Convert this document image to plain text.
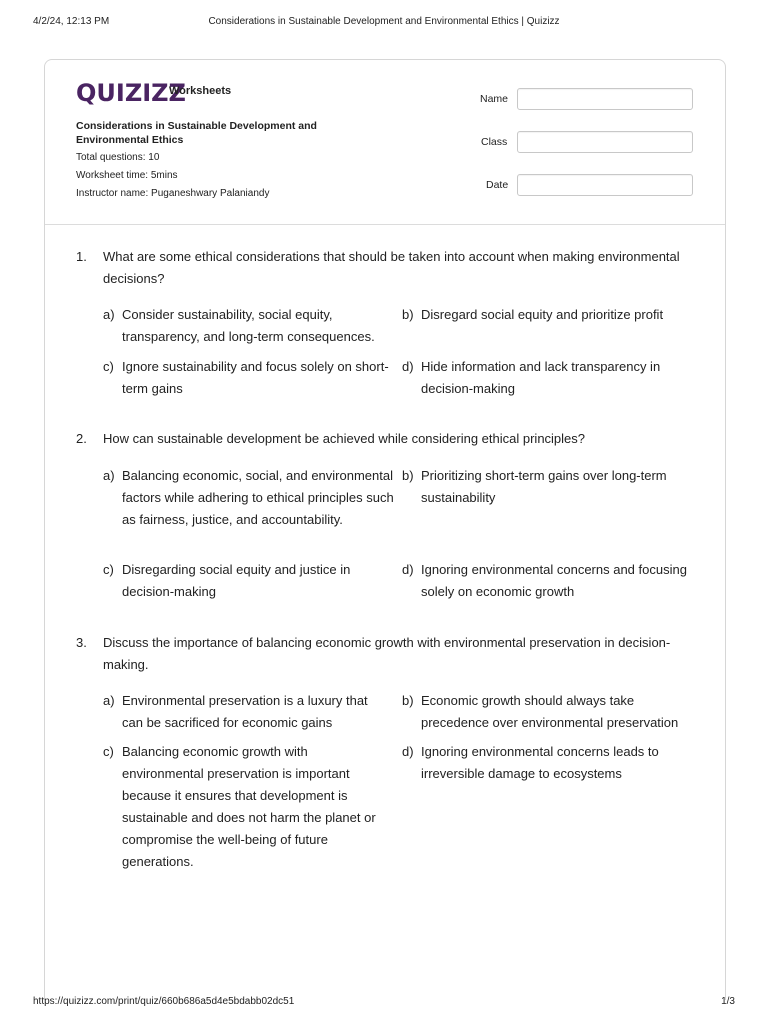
4/2/24, 12:13 PM	Considerations in Sustainable Development and Environmental Ethics | Quizizz
QUIZIZZ
Worksheets
Considerations in Sustainable Development and Environmental Ethics
Total questions: 10
Worksheet time: 5mins
Instructor name: Puganeshwary Palaniandy
Name
Class
Date
1. What are some ethical considerations that should be taken into account when making environmental decisions?
a) Consider sustainability, social equity, transparency, and long-term consequences.
b) Disregard social equity and prioritize profit
c) Ignore sustainability and focus solely on short-term gains
d) Hide information and lack transparency in decision-making
2. How can sustainable development be achieved while considering ethical principles?
a) Balancing economic, social, and environmental factors while adhering to ethical principles such as fairness, justice, and accountability.
b) Prioritizing short-term gains over long-term sustainability
c) Disregarding social equity and justice in decision-making
d) Ignoring environmental concerns and focusing solely on economic growth
3. Discuss the importance of balancing economic growth with environmental preservation in decision-making.
a) Environmental preservation is a luxury that can be sacrificed for economic gains
b) Economic growth should always take precedence over environmental preservation
c) Balancing economic growth with environmental preservation is important because it ensures that development is sustainable and does not harm the planet or compromise the well-being of future generations.
d) Ignoring environmental concerns leads to irreversible damage to ecosystems
https://quizizz.com/print/quiz/660b686a5d4e5bdabb02dc51	1/3
